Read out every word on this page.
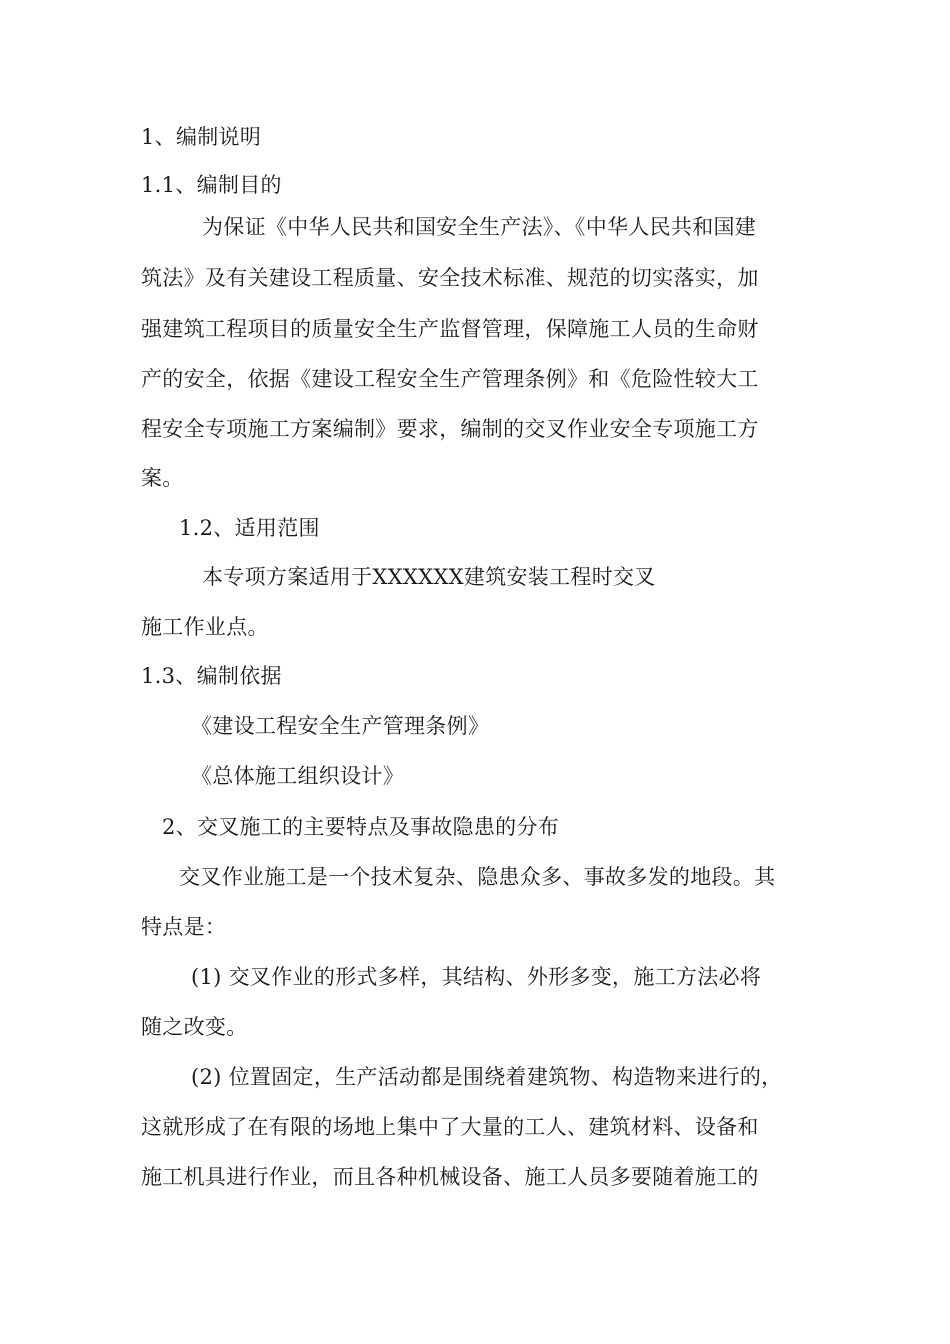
1、编制说明
1.1、编制目的
为保证《中华人民共和国安全生产法》、《中华人民共和国建
筑法》及有关建设工程质量、安全技术标准、规范的切实落实，加
强建筑工程项目的质量安全生产监督管理，保障施工人员的生命财
产的安全，依据《建设工程安全生产管理条例》和《危险性较大工
程安全专项施工方案编制》要求，编制的交叉作业安全专项施工方
案。
1.2、适用范围
本专项方案适用于XXXXXX建筑安装工程时交叉
施工作业点。
1.3、编制依据
《建设工程安全生产管理条例》
《总体施工组织设计》
2、交叉施工的主要特点及事故隐患的分布
交叉作业施工是一个技术复杂、隐患众多、事故多发的地段。其
特点是：
(1) 交叉作业的形式多样，其结构、外形多变，施工方法必将
随之改变。
(2) 位置固定，生产活动都是围绕着建筑物、构造物来进行的，
这就形成了在有限的场地上集中了大量的工人、建筑材料、设备和
施工机具进行作业，而且各种机械设备、施工人员多要随着施工的
